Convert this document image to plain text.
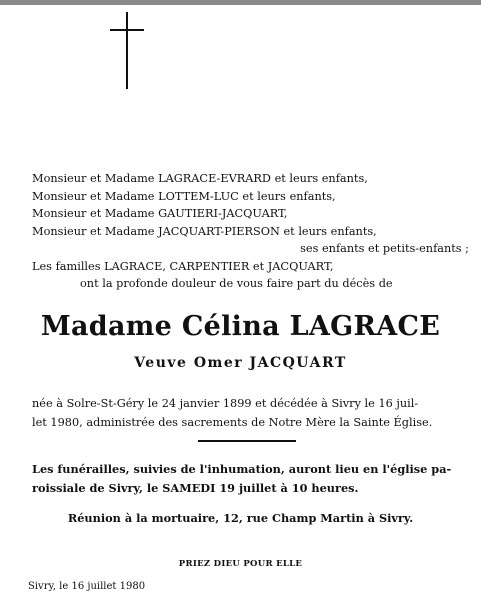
Monsieur et Madame LAGRACE-EVRARD et leurs enfants,
Monsieur et Madame LOTTEM-LUC et leurs enfants,
Monsieur et Madame GAUTIERI-JACQUART,
Monsieur et Madame JACQUART-PIERSON et leurs enfants,
ses enfants et petits-enfants ;
Les familles LAGRACE, CARPENTIER et JACQUART,
ont la profonde douleur de vous faire part du décès de
Madame Célina LAGRACE
Veuve Omer JACQUART
née à Solre-St-Géry le 24 janvier 1899 et décédée à Sivry le 16 juil-
let 1980, administrée des sacrements de Notre Mère la Sainte Église.
Les funérailles, suivies de l'inhumation, auront lieu en l'église pa-
roissiale de Sivry, le SAMEDI 19 juillet à 10 heures.
Réunion à la mortuaire, 12, rue Champ Martin à Sivry.
PRIEZ DIEU POUR ELLE
Sivry, le 16 juillet 1980
